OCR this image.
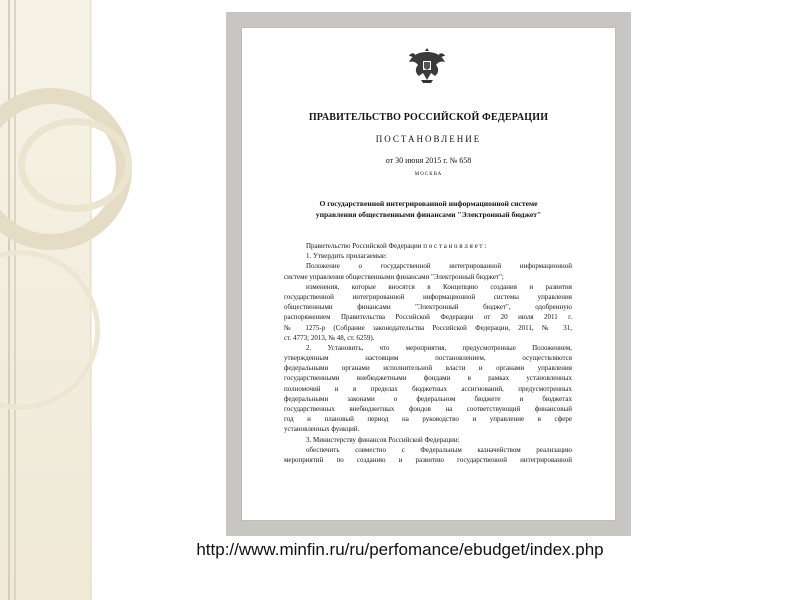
ПРАВИТЕЛЬСТВО РОССИЙСКОЙ ФЕДЕРАЦИИ
ПОСТАНОВЛЕНИЕ
от 30 июня 2015 г. № 658
МОСКВА
О государственной интегрированной информационной системе
управления общественными финансами "Электронный бюджет"
Правительство Российской Федерации п о с т а н о в л я е т :
1. Утвердить прилагаемые:
Положение о государственной интегрированной информационной
системе управления общественными финансами "Электронный бюджет";
изменения, которые вносятся в Концепцию создания и развития
государственной интегрированной информационной системы управления
общественными финансами "Электронный бюджет", одобренную
распоряжением Правительства Российской Федерации от 20 июля 2011 г.
№ 1275-р (Собрание законодательства Российской Федерации, 2011, № 31,
ст. 4773; 2013, № 48, ст. 6259).
2. Установить, что мероприятия, предусмотренные Положением,
утвержденным настоящим постановлением, осуществляются
федеральными органами исполнительной власти и органами управления
государственными внебюджетными фондами в рамках установленных
полномочий и в пределах бюджетных ассигнований, предусмотренных
федеральными законами о федеральном бюджете и бюджетах
государственных внебюджетных фондов на соответствующий финансовый
год и плановый период на руководство и управление в сфере
установленных функций.
3. Министерству финансов Российской Федерации:
обеспечить совместно с Федеральным казначейством реализацию
мероприятий по созданию и развитию государственной интегрированной
http://www.minfin.ru/ru/perfomance/ebudget/index.php
